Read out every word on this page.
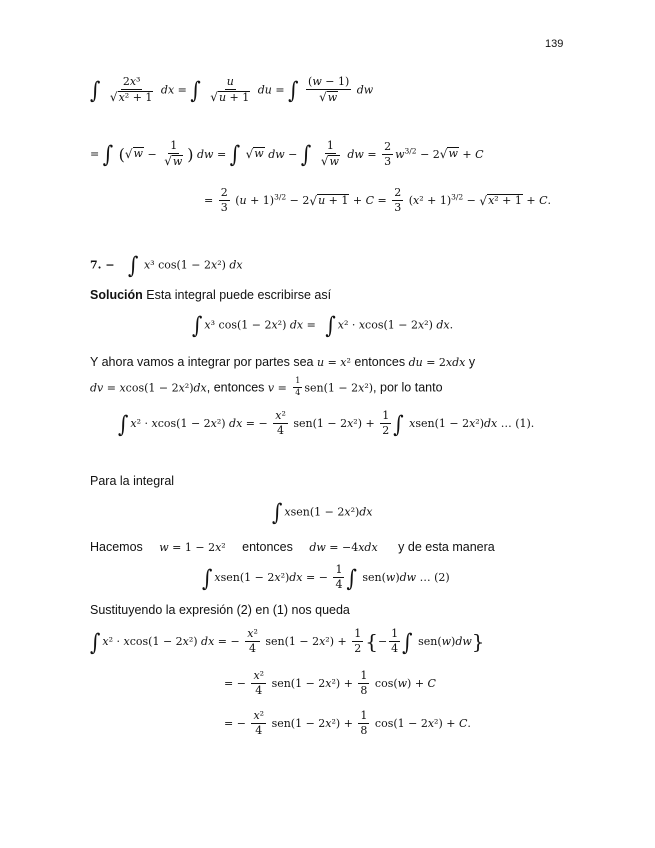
139
∫ $\frac{\text{2𝑥³}}{\text{√ 𝑥² + 1}}$ 𝑑𝑥 = ∫ $\frac{\text{𝑢}}{\text{√ 𝑢 + 1}}$ 𝑑𝑢 = ∫ $\frac{\text{(𝑤 − 1)}}{\text{√ 𝑤}}$ 𝑑𝑤
= ∫ ( √ 𝑤 − $\frac{1}{\text{√ 𝑤}}$ ) 𝑑𝑤 = ∫ √ 𝑤 𝑑𝑤 − ∫ $\frac{1}{\text{√ 𝑤}}$ 𝑑𝑤 = $\frac{2}{3}$ 𝑤$^{3/2}$ − 2 √ 𝑤 + 𝐶
= $\frac{2}{3}$ (𝑢 + 1)$^{3/2}$ − 2 √ 𝑢 + 1 + 𝐶 = $\frac{2}{3}$ (𝑥² + 1)$^{3/2}$ − √ 𝑥² + 1 + 𝐶.
7. − ∫ 𝑥³ cos(1 − 2𝑥²) 𝑑𝑥
Solución Esta integral puede escribirse así
∫ 𝑥³ cos(1 − 2𝑥²) 𝑑𝑥 = ∫ 𝑥² · 𝑥cos(1 − 2𝑥²) 𝑑𝑥.
Y ahora vamos a integrar por partes sea 𝑢 = 𝑥² entonces 𝑑𝑢 = 2𝑥𝑑𝑥 y
𝑑𝑣 = 𝑥cos(1 − 2𝑥²)𝑑𝑥, entonces 𝑣 = $\frac{1}{4} sen(1$ − 2𝑥²), por lo tanto
∫ 𝑥² · 𝑥cos(1 − 2𝑥²) 𝑑𝑥 = − $\frac{\text{𝑥²}}{4} sen(1$ − 2𝑥²) + $\frac{1}{2}$ ∫ 𝑥sen(1 − 2𝑥²)𝑑𝑥 … (1).
Para la integral
∫ 𝑥sen(1 − 2𝑥²)𝑑𝑥
Hacemos 𝑤 = 1 − 2𝑥² entonces 𝑑𝑤 = −4𝑥𝑑𝑥 y de esta manera
∫ 𝑥sen(1 − 2𝑥²)𝑑𝑥 = − $\frac{1}{4}$ ∫ sen(𝑤)𝑑𝑤 … (2)
Sustituyendo la expresión (2) en (1) nos queda
∫ 𝑥² · 𝑥cos(1 − 2𝑥²) 𝑑𝑥 = − $\frac{\text{𝑥²}}{4} sen(1$ − 2𝑥²) + $\frac{1}{2}$ {− $\frac{1}{4}$ ∫ sen(𝑤)𝑑𝑤}
= − $\frac{\text{𝑥²}}{4} sen(1$ − 2𝑥²) + $\frac{1}{8}$ cos(𝑤) + 𝐶
= − $\frac{\text{𝑥²}}{4} sen(1$ − 2𝑥²) + $\frac{1}{8} \cos(1$ − 2𝑥²) + 𝐶.
